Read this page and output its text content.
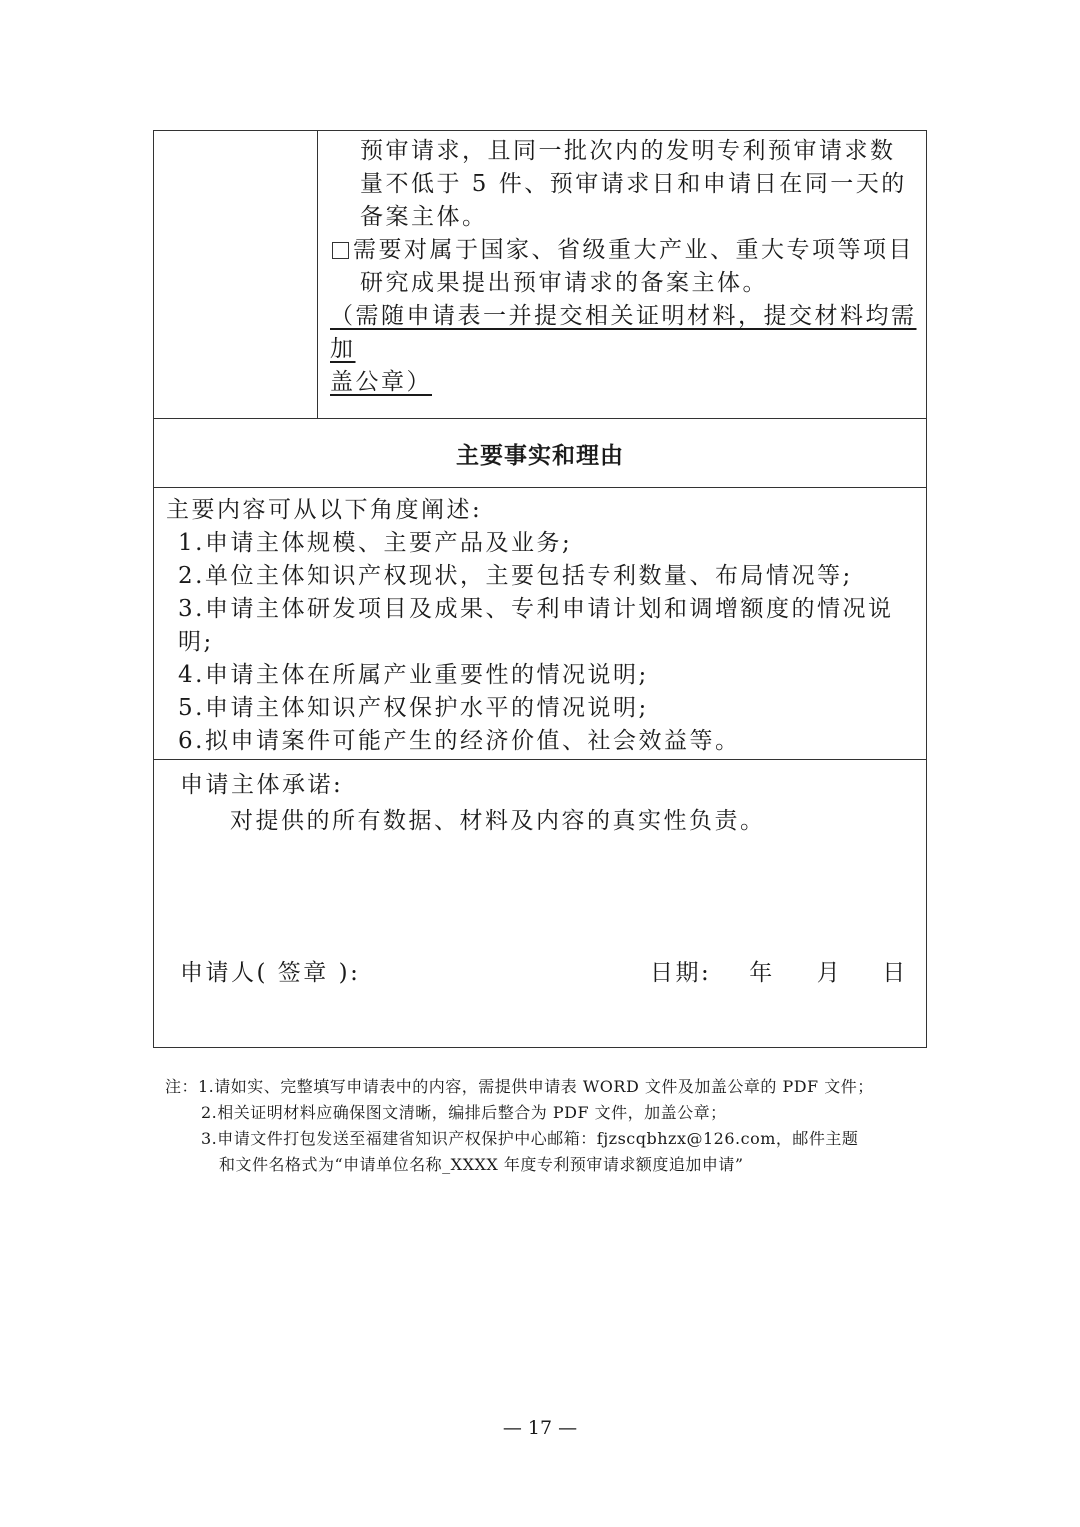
预审请求，且同一批次内的发明专利预审请求数
量不低于 5 件、预审请求日和申请日在同一天的
备案主体。
需要对属于国家、省级重大产业、重大专项等项目
研究成果提出预审请求的备案主体。
（需随申请表一并提交相关证明材料，提交材料均需加
盖公章）
主要事实和理由
主要内容可从以下角度阐述:
1.申请主体规模、主要产品及业务;
2.单位主体知识产权现状，主要包括专利数量、布局情况等;
3.申请主体研发项目及成果、专利申请计划和调增额度的情况说
明;
4.申请主体在所属产业重要性的情况说明;
5.申请主体知识产权保护水平的情况说明;
6.拟申请案件可能产生的经济价值、社会效益等。
申请主体承诺:
对提供的所有数据、材料及内容的真实性负责。
申请人( 签章 ):	日期: 年 月 日
注：1.请如实、完整填写申请表中的内容，需提供申请表 WORD 文件及加盖公章的 PDF 文件；
2.相关证明材料应确保图文清晰，编排后整合为 PDF 文件，加盖公章；
3.申请文件打包发送至福建省知识产权保护中心邮箱：fjzscqbhzx@126.com，邮件主题
和文件名格式为“申请单位名称_XXXX 年度专利预审请求额度追加申请”
— 17 —
